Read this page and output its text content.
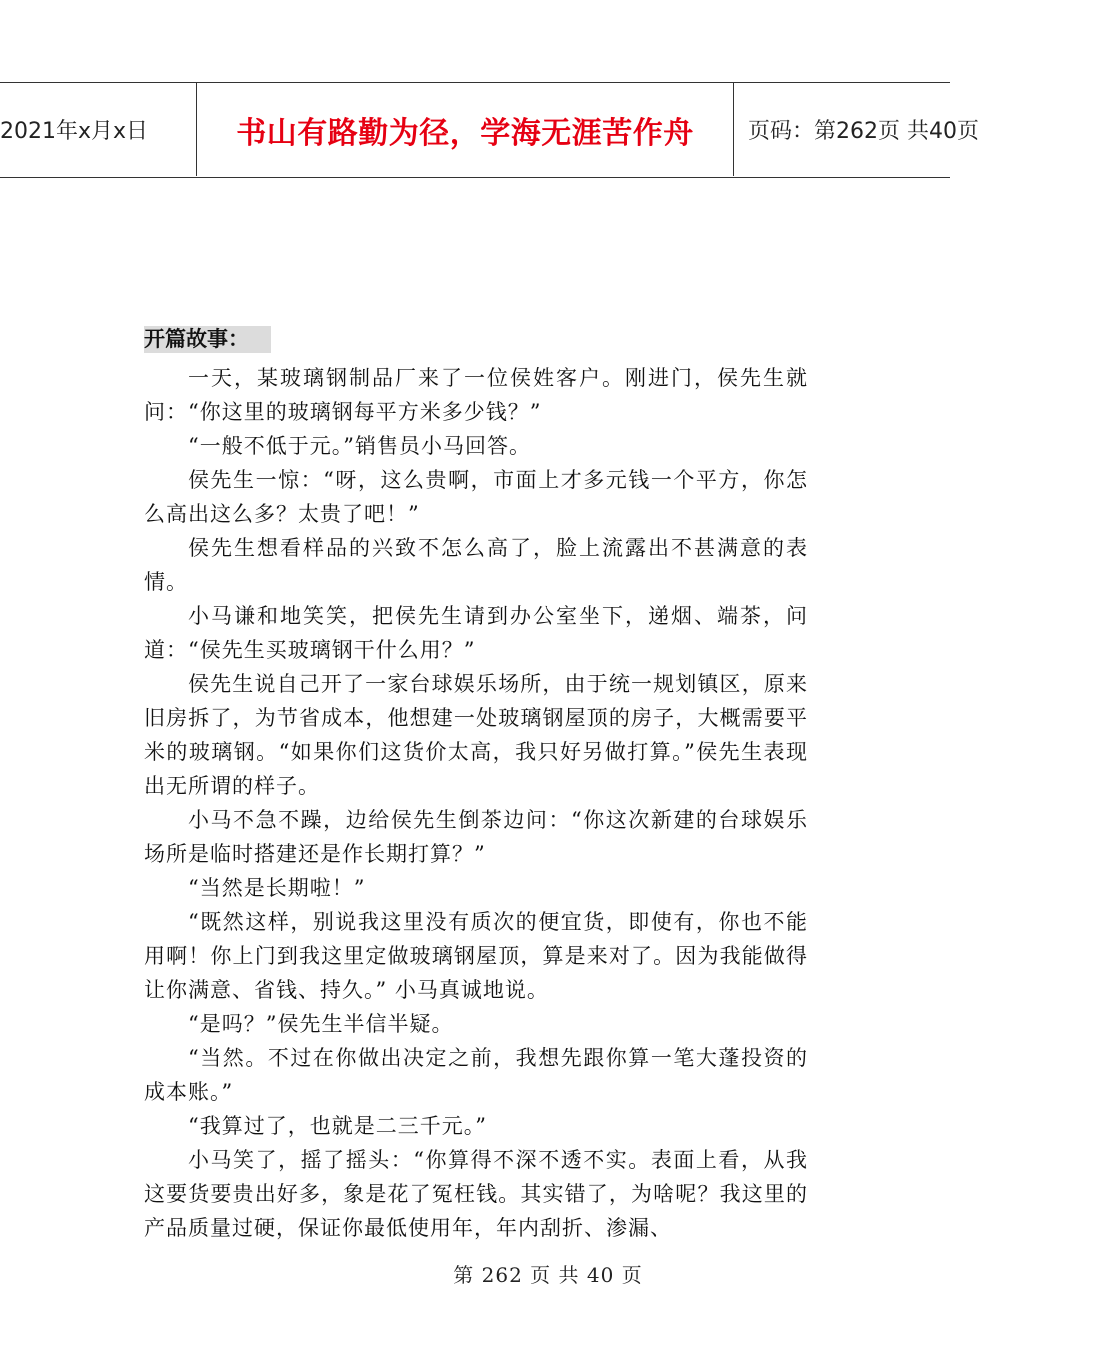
2021年x月x日	书山有路勤为径，学海无涯苦作舟	页码：第262页 共40页
开篇故事：

一天，某玻璃钢制品厂来了一位侯姓客户。刚进门，侯先生就问：“你这里的玻璃钢每平方米多少钱？”

“一般不低于元。”销售员小马回答。

侯先生一惊：“呀，这么贵啊，市面上才多元钱一个平方，你怎么高出这么多？太贵了吧！”

侯先生想看样品的兴致不怎么高了，脸上流露出不甚满意的表情。

小马谦和地笑笑，把侯先生请到办公室坐下，递烟、端茶，问道：“侯先生买玻璃钢干什么用？”

侯先生说自己开了一家台球娱乐场所，由于统一规划镇区，原来旧房拆了，为节省成本，他想建一处玻璃钢屋顶的房子，大概需要平米的玻璃钢。“如果你们这货价太高，我只好另做打算。”侯先生表现出无所谓的样子。

小马不急不躁，边给侯先生倒茶边问：“你这次新建的台球娱乐场所是临时搭建还是作长期打算？”

“当然是长期啦！”

“既然这样，别说我这里没有质次的便宜货，即使有，你也不能用啊！你上门到我这里定做玻璃钢屋顶，算是来对了。因为我能做得让你满意、省钱、持久。” 小马真诚地说。

“是吗？”侯先生半信半疑。

“当然。不过在你做出决定之前，我想先跟你算一笔大蓬投资的成本账。”

“我算过了，也就是二三千元。”

小马笑了，摇了摇头：“你算得不深不透不实。表面上看，从我这要货要贵出好多，象是花了冤枉钱。其实错了，为啥呢？我这里的产品质量过硬，保证你最低使用年，年内刮折、渗漏、

第 262 页 共 40 页
